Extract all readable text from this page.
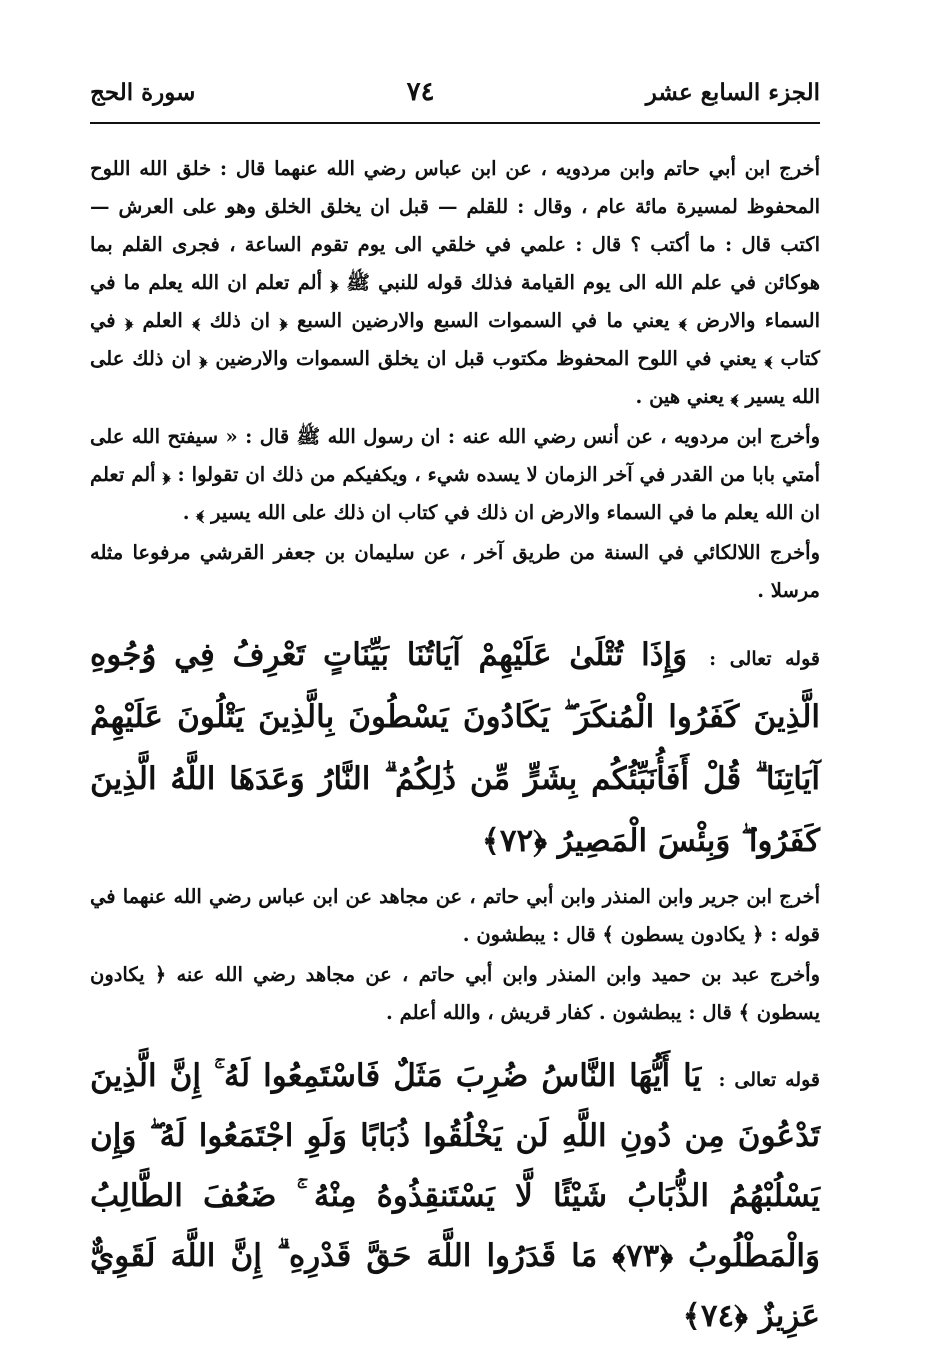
الجزء السابع عشر
٧٤
سورة الحج

أخرج ابن أبي حاتم وابن مردويه ، عن ابن عباس رضي الله عنهما قال : خلق الله اللوح المحفوظ لمسيرة مائة عام ، وقال : للقلم — قبل ان يخلق الخلق وهو على العرش — اكتب قال : ما أكتب ؟ قال : علمي في خلقي الى يوم تقوم الساعة ، فجرى القلم بما هوكائن في علم الله الى يوم القيامة فذلك قوله للنبي ﷺ ﴿ ألم تعلم ان الله يعلم ما في السماء والارض ﴾ يعني ما في السموات السبع والارضين السبع ﴿ ان ذلك ﴾ العلم ﴿ في كتاب ﴾ يعني في اللوح المحفوظ مكتوب قبل ان يخلق السموات والارضين ﴿ ان ذلك على الله يسير ﴾ يعني هين .

وأخرج ابن مردويه ، عن أنس رضي الله عنه : ان رسول الله ﷺ قال : « سيفتح الله على أمتي بابا من القدر في آخر الزمان لا يسده شيء ، ويكفيكم من ذلك ان تقولوا : ﴿ ألم تعلم ان الله يعلم ما في السماء والارض ان ذلك في كتاب ان ذلك على الله يسير ﴾ .

وأخرج اللالكائي في السنة من طريق آخر ، عن سليمان بن جعفر القرشي مرفوعا مثله مرسلا .

قوله تعالى : وَإِذَا تُتْلَىٰ عَلَيْهِمْ آيَاتُنَا بَيِّنَاتٍ تَعْرِفُ فِي وُجُوهِ الَّذِينَ كَفَرُوا الْمُنكَرَ ۖ يَكَادُونَ يَسْطُونَ بِالَّذِينَ يَتْلُونَ عَلَيْهِمْ آيَاتِنَا ۗ قُلْ أَفَأُنَبِّئُكُم بِشَرٍّ مِّن ذَٰلِكُمُ ۗ النَّارُ وَعَدَهَا اللَّهُ الَّذِينَ كَفَرُوا ۖ وَبِئْسَ الْمَصِيرُ ﴿٧٢﴾

أخرج ابن جرير وابن المنذر وابن أبي حاتم ، عن مجاهد عن ابن عباس رضي الله عنهما في قوله : ﴿ يكادون يسطون ﴾ قال : يبطشون .

وأخرج عبد بن حميد وابن المنذر وابن أبي حاتم ، عن مجاهد رضي الله عنه ﴿ يكادون يسطون ﴾ قال : يبطشون . كفار قريش ، والله أعلم .

قوله تعالى : يَا أَيُّهَا النَّاسُ ضُرِبَ مَثَلٌ فَاسْتَمِعُوا لَهُ ۚ إِنَّ الَّذِينَ تَدْعُونَ مِن دُونِ اللَّهِ لَن يَخْلُقُوا ذُبَابًا وَلَوِ اجْتَمَعُوا لَهُ ۖ وَإِن يَسْلُبْهُمُ الذُّبَابُ شَيْئًا لَّا يَسْتَنقِذُوهُ مِنْهُ ۚ ضَعُفَ الطَّالِبُ وَالْمَطْلُوبُ ﴿٧٣﴾ مَا قَدَرُوا اللَّهَ حَقَّ قَدْرِهِ ۗ إِنَّ اللَّهَ لَقَوِيٌّ عَزِيزٌ ﴿٧٤﴾
